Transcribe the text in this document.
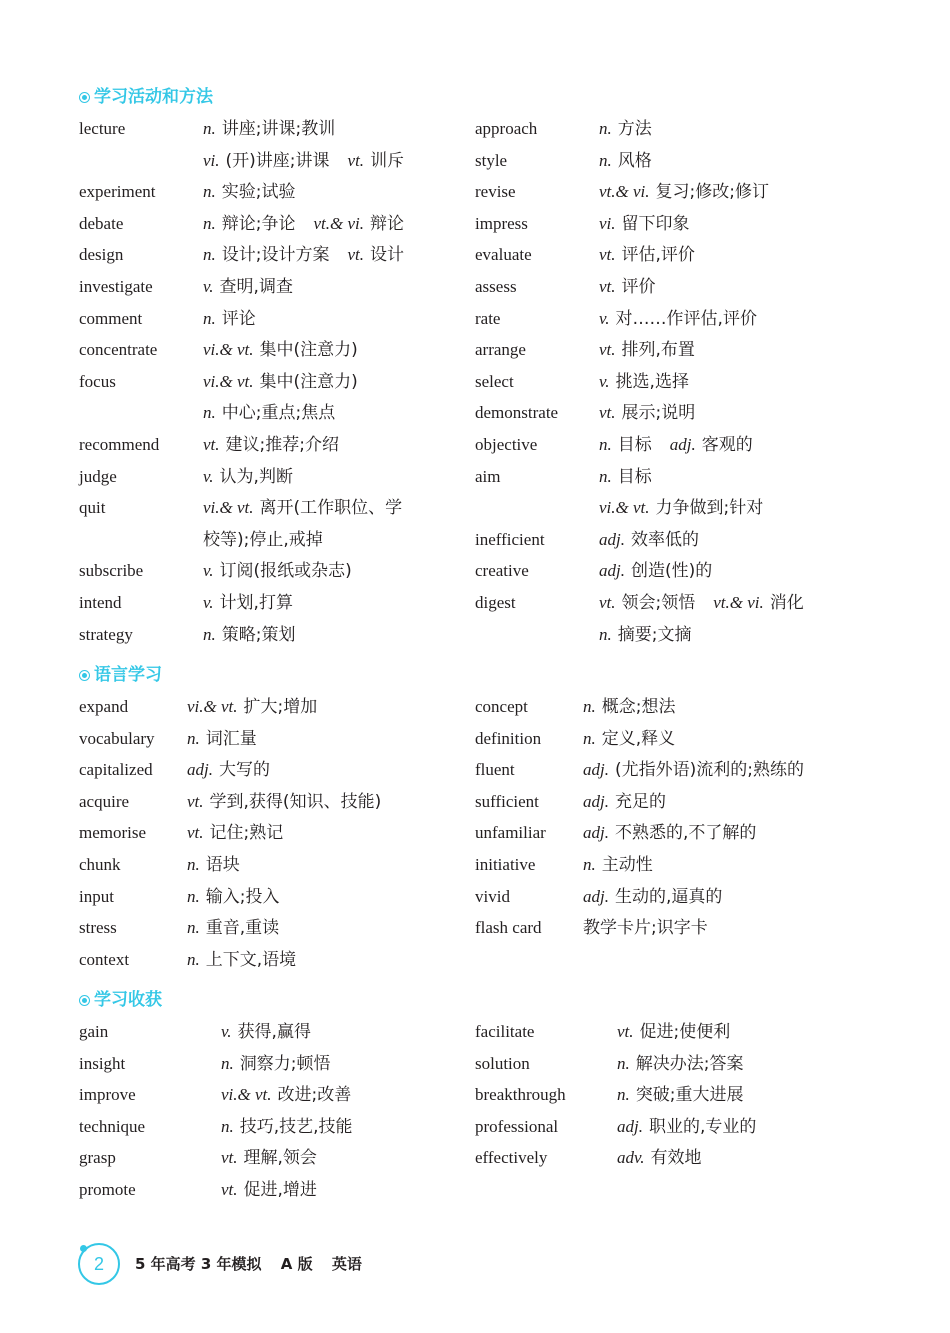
学习活动和方法
lecture	n. 讲座;讲课;教训
vi. (开)讲座;讲课 vt. 训斥
experiment	n. 实验;试验
debate	n. 辩论;争论 vt.& vi. 辩论
design	n. 设计;设计方案 vt. 设计
investigate	v. 查明,调查
comment	n. 评论
concentrate	vi.& vt. 集中(注意力)
focus	vi.& vt. 集中(注意力)
n. 中心;重点;焦点
recommend	vt. 建议;推荐;介绍
judge	v. 认为,判断
quit	vi.& vt. 离开(工作职位、学
校等);停止,戒掉
subscribe	v. 订阅(报纸或杂志)
intend	v. 计划,打算
strategy	n. 策略;策划
approach	n. 方法
style	n. 风格
revise	vt.& vi. 复习;修改;修订
impress	vi. 留下印象
evaluate	vt. 评估,评价
assess	vt. 评价
rate	v. 对……作评估,评价
arrange	vt. 排列,布置
select	v. 挑选,选择
demonstrate vt. 展示;说明
objective	n. 目标 adj. 客观的
aim	n. 目标
vi.& vt. 力争做到;针对
inefficient	adj. 效率低的
creative	adj. 创造(性)的
digest	vt. 领会;领悟 vt.& vi. 消化
n. 摘要;文摘
语言学习
expand	vi.& vt. 扩大;增加
vocabulary n. 词汇量
capitalized adj. 大写的
acquire	vt. 学到,获得(知识、技能)
memorise vt. 记住;熟记
chunk	n. 语块
input	n. 输入;投入
stress	n. 重音,重读
context	n. 上下文,语境
concept	n. 概念;想法
definition n. 定义,释义
fluent	adj. (尤指外语)流利的;熟练的
sufficient	adj. 充足的
unfamiliar adj. 不熟悉的,不了解的
initiative	n. 主动性
vivid	adj. 生动的,逼真的
flash card 教学卡片;识字卡
学习收获
gain	v. 获得,赢得
insight	n. 洞察力;顿悟
improve	vi.& vt. 改进;改善
technique	n. 技巧,技艺,技能
grasp	vt. 理解,领会
promote	vt. 促进,增进
facilitate	vt. 促进;使便利
solution	n. 解决办法;答案
breakthrough	n. 突破;重大进展
professional	adj. 职业的,专业的
effectively	adv. 有效地
2	5 年高考 3 年模拟 A 版 英语
